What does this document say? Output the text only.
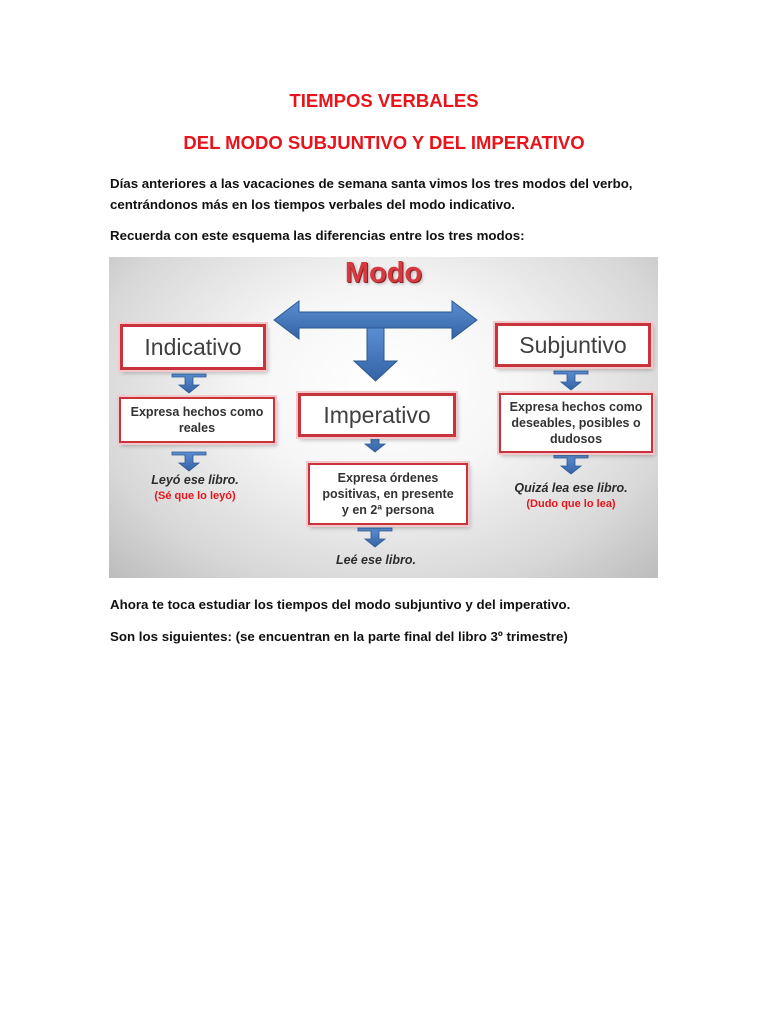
TIEMPOS VERBALES
DEL MODO SUBJUNTIVO Y DEL IMPERATIVO

Días anteriores a las vacaciones de semana santa vimos los tres modos del verbo,
centrándonos más en los tiempos verbales del modo indicativo.

Recuerda con este esquema las diferencias entre los tres modos:

Modo
Indicativo
Expresa hechos como
reales
Leyó ese libro.
(Sé que lo leyó)
Imperativo
Expresa órdenes
positivas, en presente
y en 2ª persona
Leé ese libro.
Subjuntivo
Expresa hechos como
deseables, posibles o
dudosos
Quizá lea ese libro.
(Dudo que lo lea)

Ahora te toca estudiar los tiempos del modo subjuntivo y del imperativo.

Son los siguientes: (se encuentran en la parte final del libro 3º trimestre)
